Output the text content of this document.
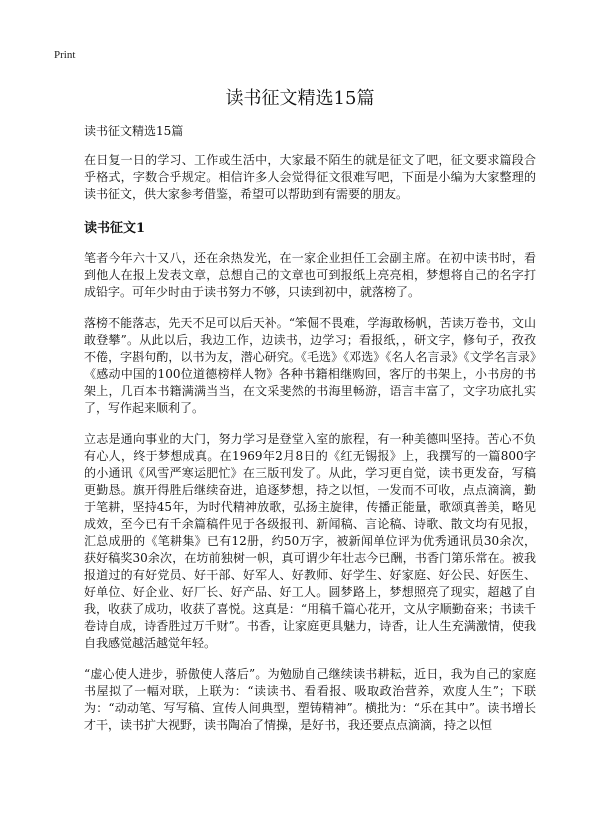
Print
读书征文精选15篇

读书征文精选15篇

在日复一日的学习、工作或生活中，大家最不陌生的就是征文了吧，征文要求篇段合乎格式，字数合乎规定。相信许多人会觉得征文很难写吧，下面是小编为大家整理的读书征文，供大家参考借鉴，希望可以帮助到有需要的朋友。

读书征文1

笔者今年六十又八，还在余热发光，在一家企业担任工会副主席。在初中读书时，看到他人在报上发表文章，总想自己的文章也可到报纸上亮亮相，梦想将自己的名字打成铅字。可年少时由于读书努力不够，只读到初中，就落榜了。

落榜不能落志，先天不足可以后天补。“笨倔不畏难，学海敢杨帆，苦读万卷书，文山敢登攀”。从此以后，我边工作，边读书，边学习；看报纸，，研文字，修句子，孜孜不倦，字斟句酌，以书为友，潜心研究。《毛选》《邓选》《名人名言录》《文学名言录》《感动中国的100位道德榜样人物》各种书籍相继购回，客厅的书架上，小书房的书架上，几百本书籍满满当当，在文采斐然的书海里畅游，语言丰富了，文字功底扎实了，写作起来顺利了。

立志是通向事业的大门，努力学习是登堂入室的旅程，有一种美德叫坚持。苦心不负有心人，终于梦想成真。在1969年2月8日的《红无锡报》上，我撰写的一篇800字的小通讯《风雪严寒运肥忙》在三版刊发了。从此，学习更自觉，读书更发奋，写稿更勤恳。旗开得胜后继续奋进，追逐梦想，持之以恒，一发而不可收，点点滴滴，勤于笔耕，坚持45年，为时代精神放歌，弘扬主旋律，传播正能量，歌颂真善美，略见成效，至今已有千余篇稿件见于各级报刊、新闻稿、言论稿、诗歌、散文均有见报，汇总成册的《笔耕集》已有12册，约50万字，被新闻单位评为优秀通讯员30余次，获好稿奖30余次，在坊前独树一帜，真可谓少年壮志今已酬，书香门第乐常在。被我报道过的有好党员、好干部、好军人、好教师、好学生、好家庭、好公民、好医生、好单位、好企业、好厂长、好产品、好工人。圆梦路上，梦想照亮了现实，超越了自我，收获了成功，收获了喜悦。这真是：“用稿千篇心花开，文从字顺勤奋来；书读千卷诗自成，诗香胜过万千财”。书香，让家庭更具魅力，诗香，让人生充满激情，使我自我感觉越活越觉年轻。

“虚心使人进步，骄傲使人落后”。为勉励自己继续读书耕耘，近日，我为自己的家庭书屋拟了一幅对联，上联为：“读读书、看看报、吸取政治营养，欢度人生”；下联为：“动动笔、写写稿、宣传人间典型，塑铸精神”。横批为：“乐在其中”。读书增长才干，读书扩大视野，读书陶冶了情操，是好书，我还要点点滴滴，持之以恒
